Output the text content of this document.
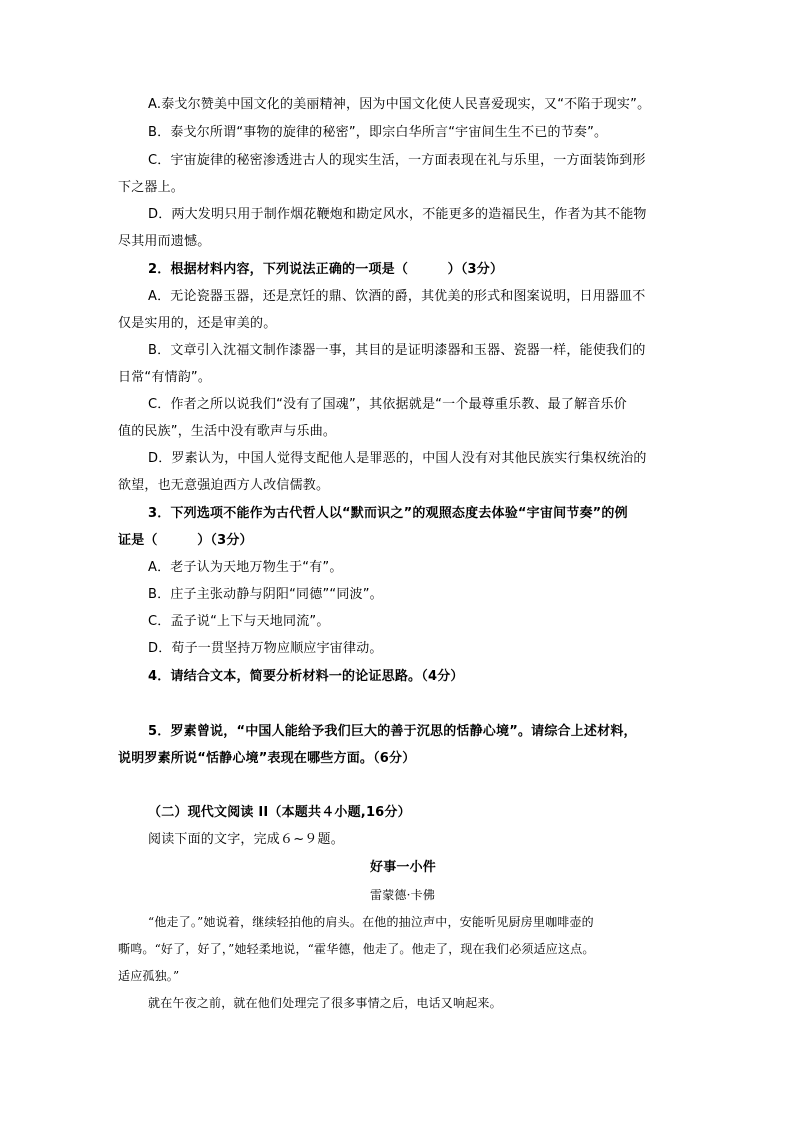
A.泰戈尔赞美中国文化的美丽精神，因为中国文化使人民喜爱现实，又“不陷于现实”。
B．泰戈尔所谓“事物的旋律的秘密”，即宗白华所言“宇宙间生生不已的节奏”。
C．宇宙旋律的秘密渗透进古人的现实生活，一方面表现在礼与乐里，一方面装饰到形
下之器上。
D．两大发明只用于制作烟花鞭炮和勘定风水，不能更多的造福民生，作者为其不能物
尽其用而遗憾。
2．根据材料内容，下列说法正确的一项是（　　　）（3分）
A．无论瓷器玉器，还是烹饪的鼎、饮酒的爵，其优美的形式和图案说明，日用器皿不
仅是实用的，还是审美的。
B．文章引入沈福文制作漆器一事，其目的是证明漆器和玉器、瓷器一样，能使我们的
日常“有情韵”。
C．作者之所以说我们“没有了国魂”，其依据就是“一个最尊重乐教、最了解音乐价
值的民族”，生活中没有歌声与乐曲。
D．罗素认为，中国人觉得支配他人是罪恶的，中国人没有对其他民族实行集权统治的
欲望，也无意强迫西方人改信儒教。
3．下列选项不能作为古代哲人以“默而识之”的观照态度去体验“宇宙间节奏”的例
证是（　　　）（3分）
A．老子认为天地万物生于“有”。
B．庄子主张动静与阴阳“同德”“同波”。
C．孟子说“上下与天地同流”。
D．荀子一贯坚持万物应顺应宇宙律动。
4．请结合文本，简要分析材料一的论证思路。（4分）
5．罗素曾说，“中国人能给予我们巨大的善于沉思的恬静心境”。请综合上述材料，
说明罗素所说“恬静心境”表现在哪些方面。（6分）
（二）现代文阅读 II（本题共４小题,16分）
阅读下面的文字，完成６~９题。
好事一小件
雷蒙德·卡佛
“他走了。”她说着，继续轻拍他的肩头。在他的抽泣声中，安能听见厨房里咖啡壶的
嘶鸣。“好了，好了，”她轻柔地说，“霍华德，他走了。他走了，现在我们必须适应这点。
适应孤独。”
就在午夜之前，就在他们处理完了很多事情之后，电话又响起来。
